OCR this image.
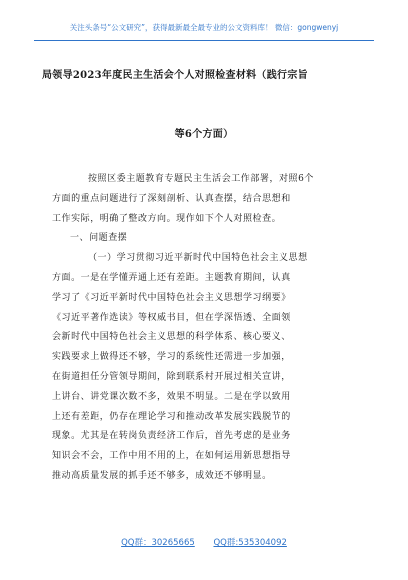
关注头条号“公文研究”，获得最新最全最专业的公文资料库！ 微信：gongwenyj
局领导2023年度民主生活会个人对照检查材料（践行宗旨
等6个方面）
按照区委主题教育专题民主生活会工作部署，对照6个
方面的重点问题进行了深刻剖析、认真查摆，结合思想和
工作实际，明确了整改方向。现作如下个人对照检查。
一、问题查摆
（一）学习贯彻习近平新时代中国特色社会主义思想
方面。一是在学懂弄通上还有差距。主题教育期间，认真
学习了《习近平新时代中国特色社会主义思想学习纲要》
《习近平著作选读》等权威书目，但在学深悟透、全面领
会新时代中国特色社会主义思想的科学体系、核心要义、
实践要求上做得还不够，学习的系统性还需进一步加强，
在街道担任分管领导期间，除到联系村开展过相关宣讲，
上讲台、讲党课次数不多，效果不明显。二是在学以致用
上还有差距，仍存在理论学习和推动改革发展实践脱节的
现象。尤其是在转岗负责经济工作后，首先考虑的是业务
知识会不会，工作中用不用的上，在如何运用新思想指导
推动高质量发展的抓手还不够多，成效还不够明显。
QQ群：30265665 QQ群:535304092
